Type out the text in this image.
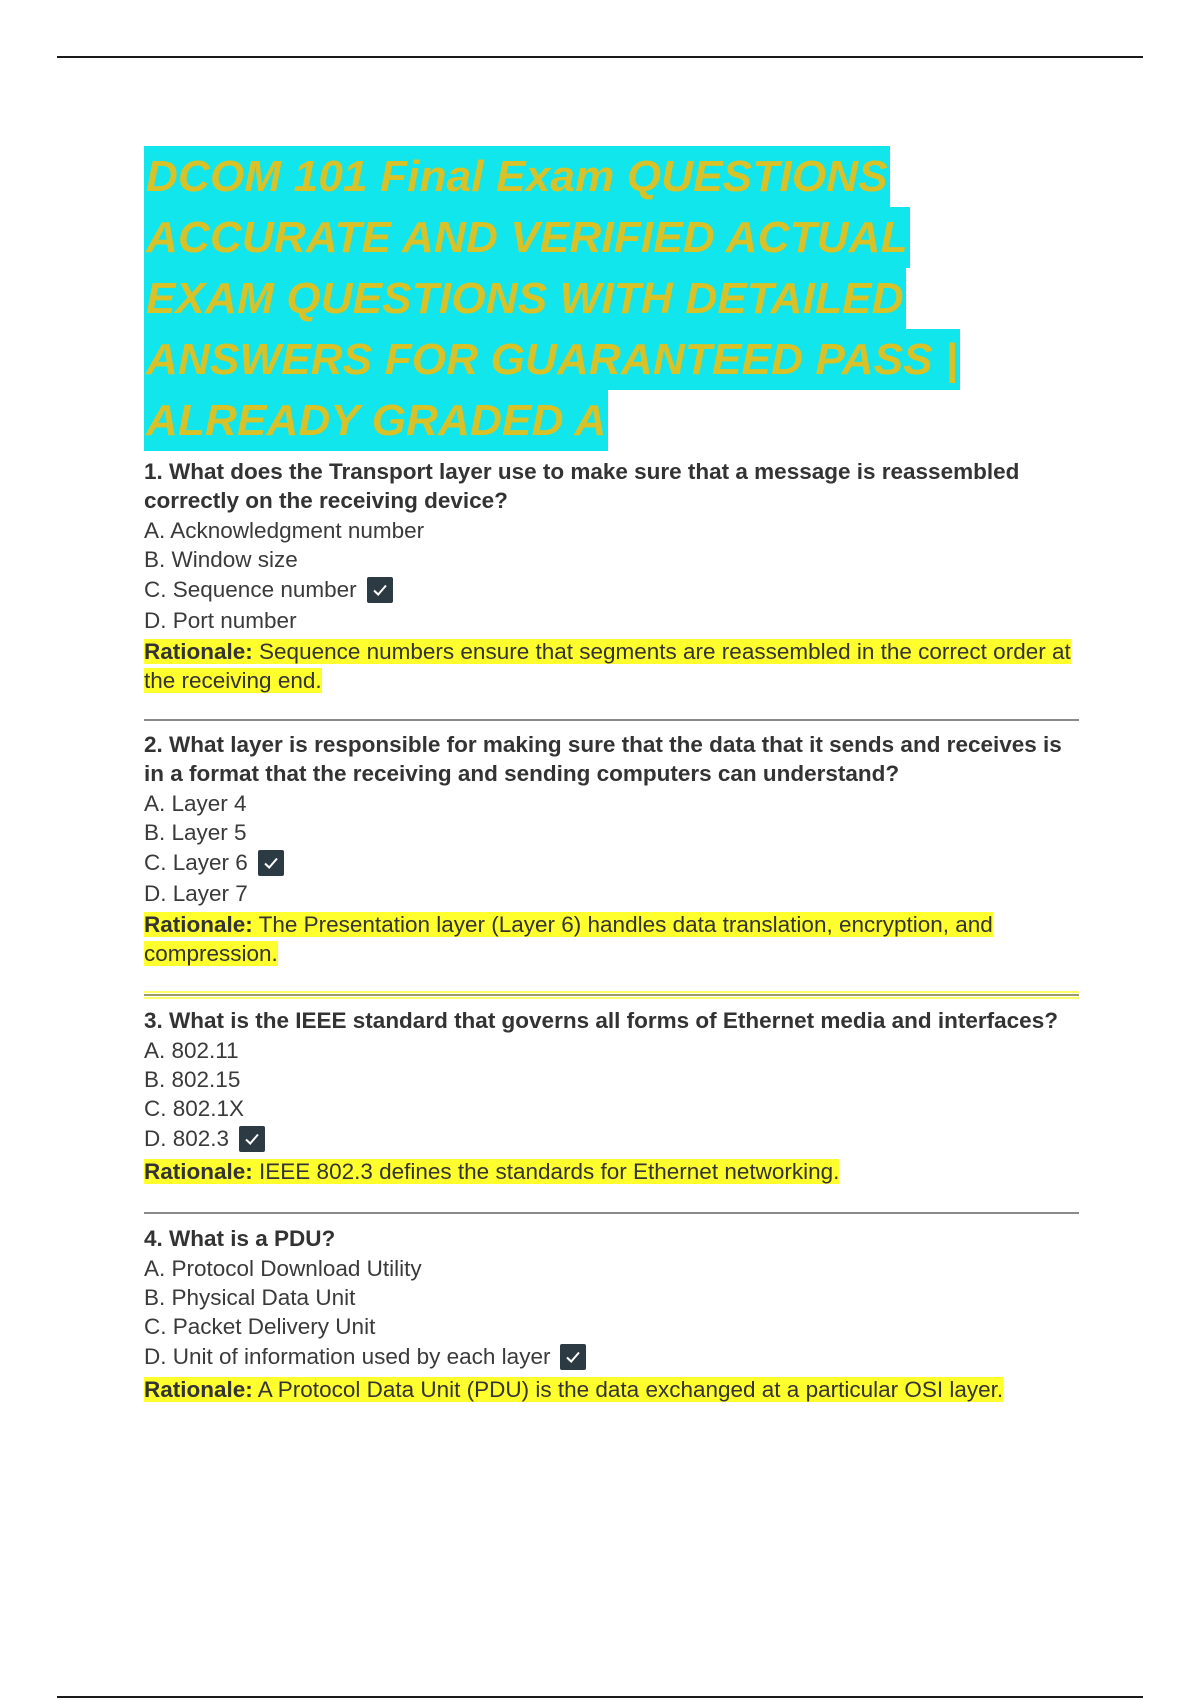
DCOM 101 Final Exam QUESTIONS
ACCURATE AND VERIFIED ACTUAL
EXAM QUESTIONS WITH DETAILED
ANSWERS FOR GUARANTEED PASS |
ALREADY GRADED A
1. What does the Transport layer use to make sure that a message is reassembled correctly on the receiving device?
A. Acknowledgment number
B. Window size
C. Sequence number
D. Port number
Rationale: Sequence numbers ensure that segments are reassembled in the correct order at the receiving end.
2. What layer is responsible for making sure that the data that it sends and receives is in a format that the receiving and sending computers can understand?
A. Layer 4
B. Layer 5
C. Layer 6
D. Layer 7
Rationale: The Presentation layer (Layer 6) handles data translation, encryption, and compression.
3. What is the IEEE standard that governs all forms of Ethernet media and interfaces?
A. 802.11
B. 802.15
C. 802.1X
D. 802.3
Rationale: IEEE 802.3 defines the standards for Ethernet networking.
4. What is a PDU?
A. Protocol Download Utility
B. Physical Data Unit
C. Packet Delivery Unit
D. Unit of information used by each layer
Rationale: A Protocol Data Unit (PDU) is the data exchanged at a particular OSI layer.
